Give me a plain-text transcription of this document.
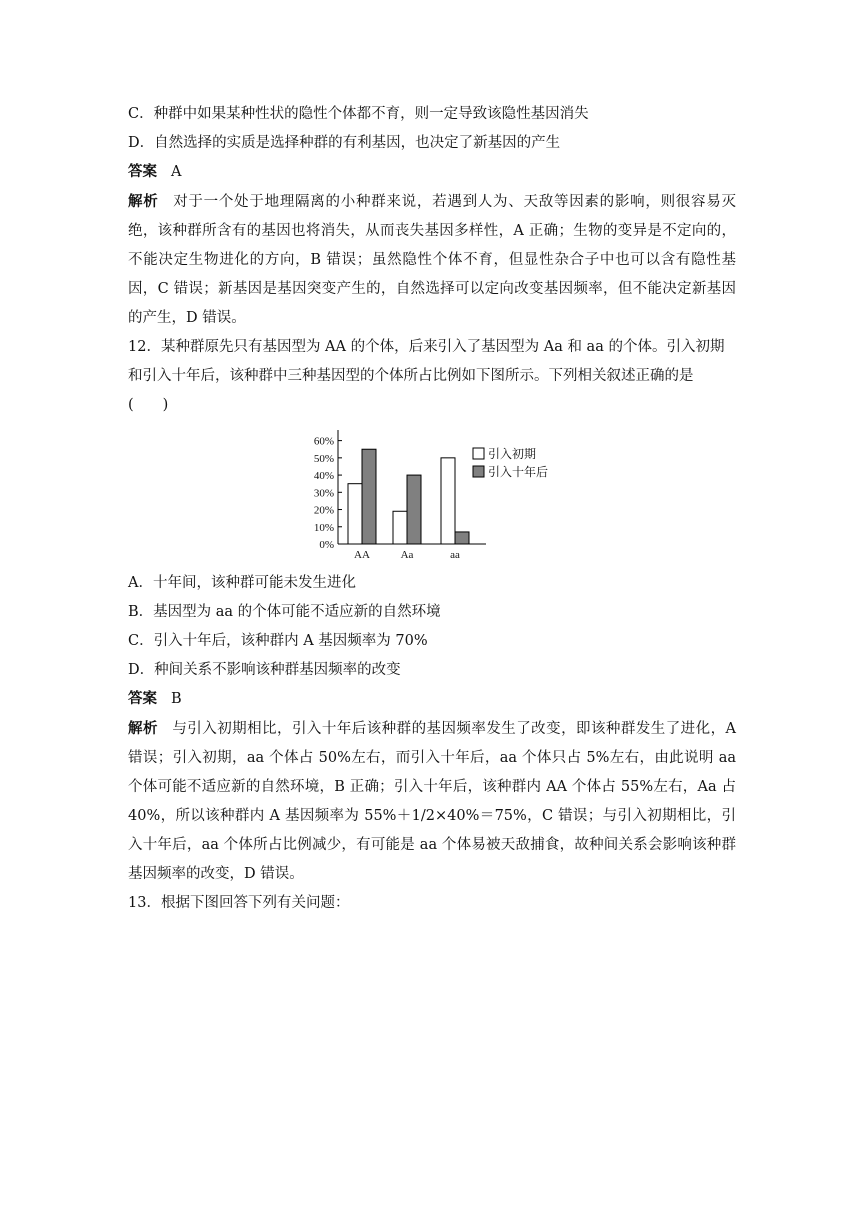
C．种群中如果某种性状的隐性个体都不育，则一定导致该隐性基因消失

D．自然选择的实质是选择种群的有利基因，也决定了新基因的产生

答案 A

解析 对于一个处于地理隔离的小种群来说，若遇到人为、天敌等因素的影响，则很容易灭绝，该种群所含有的基因也将消失，从而丧失基因多样性，A 正确；生物的变异是不定向的，不能决定生物进化的方向，B 错误；虽然隐性个体不育，但显性杂合子中也可以含有隐性基因，C 错误；新基因是基因突变产生的，自然选择可以定向改变基因频率，但不能决定新基因的产生，D 错误。

12．某种群原先只有基因型为 AA 的个体，后来引入了基因型为 Aa 和 aa 的个体。引入初期

和引入十年后，该种群中三种基因型的个体所占比例如下图所示。下列相关叙述正确的是

(　　)

0%
10%
20%
30%
40%
50%
60%
AA	Aa	aa
引入初期
引入十年后

A．十年间，该种群可能未发生进化

B．基因型为 aa 的个体可能不适应新的自然环境

C．引入十年后，该种群内 A 基因频率为 70%

D．种间关系不影响该种群基因频率的改变

答案 B

解析 与引入初期相比，引入十年后该种群的基因频率发生了改变，即该种群发生了进化，A 错误；引入初期，aa 个体占 50%左右，而引入十年后，aa 个体只占 5%左右，由此说明 aa 个体可能不适应新的自然环境，B 正确；引入十年后，该种群内 AA 个体占 55%左右，Aa 占 40%，所以该种群内 A 基因频率为 55%＋1/2×40%＝75%，C 错误；与引入初期相比，引入十年后，aa 个体所占比例减少，有可能是 aa 个体易被天敌捕食，故种间关系会影响该种群基因频率的改变，D 错误。

13．根据下图回答下列有关问题：
